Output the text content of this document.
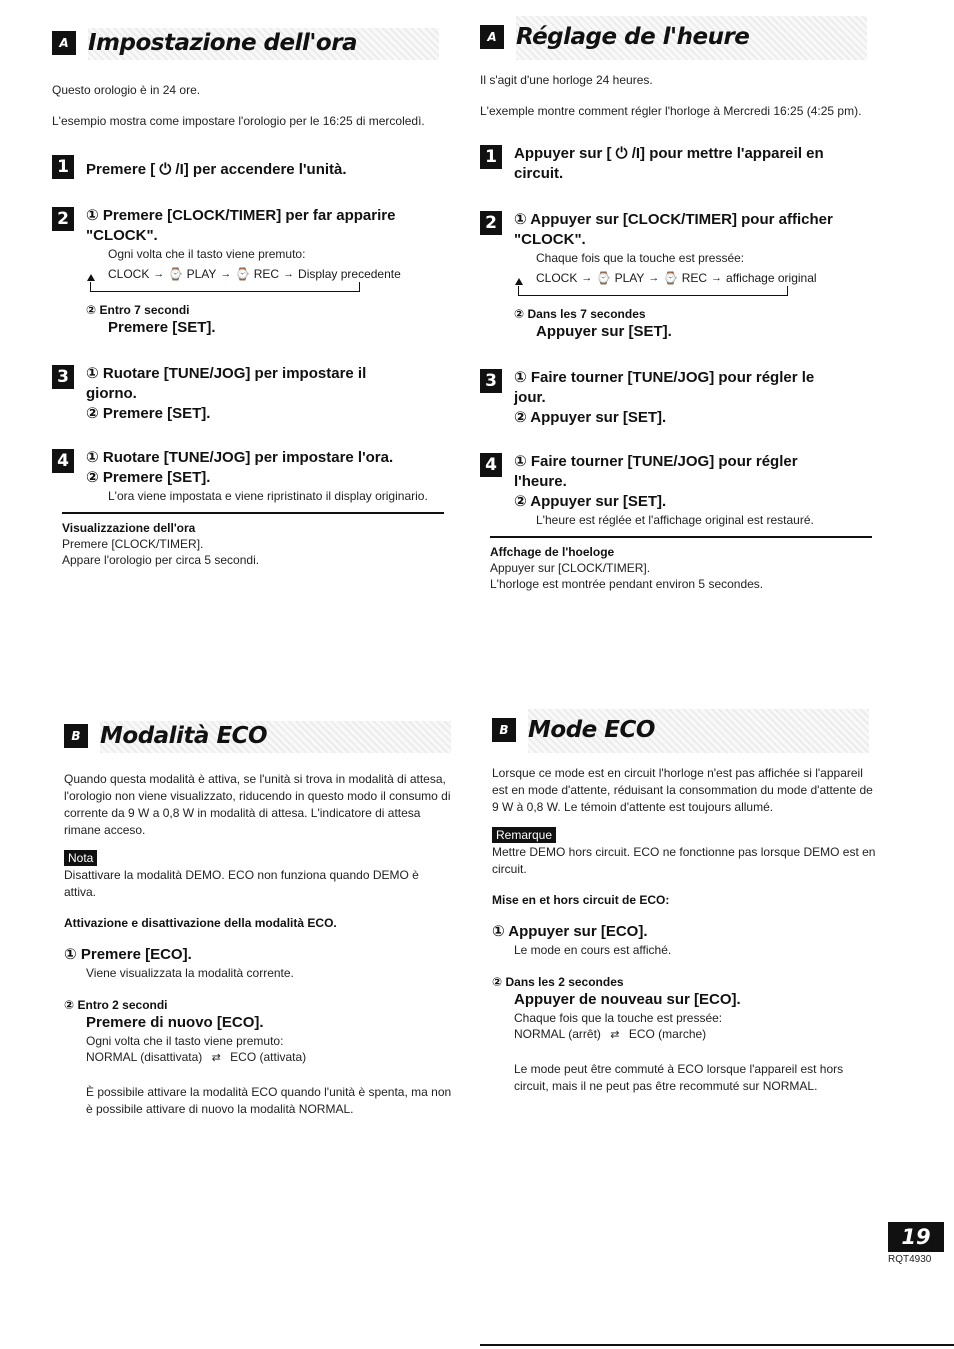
A Impostazione dell'ora

Questo orologio è in 24 ore.

L'esempio mostra come impostare l'orologio per le 16:25 di mercoledì.

1	Premere [ ⏻ /I] per accendere l'unità.
2	① Premere [CLOCK/TIMER] per far apparire "CLOCK".
Ogni volta che il tasto viene premuto:
CLOCK → ⌚ PLAY → ⌚ REC → Display precedente
② Entro 7 secondi
Premere [SET].
3	① Ruotare [TUNE/JOG] per impostare il giorno.
② Premere [SET].
4	① Ruotare [TUNE/JOG] per impostare l'ora.
② Premere [SET].
L'ora viene impostata e viene ripristinato il display originario.
Visualizzazione dell'ora
Premere [CLOCK/TIMER].
Appare l'orologio per circa 5 secondi.
A Réglage de l'heure

Il s'agit d'une horloge 24 heures.

L'exemple montre comment régler l'horloge à Mercredi 16:25 (4:25 pm).

1	Appuyer sur [ ⏻ /I] pour mettre l'appareil en circuit.
2	① Appuyer sur [CLOCK/TIMER] pour afficher "CLOCK".
Chaque fois que la touche est pressée:
CLOCK → ⌚ PLAY → ⌚ REC → affichage original
② Dans les 7 secondes
Appuyer sur [SET].
3	① Faire tourner [TUNE/JOG] pour régler le jour.
② Appuyer sur [SET].
4	① Faire tourner [TUNE/JOG] pour régler l'heure.
② Appuyer sur [SET].
L'heure est réglée et l'affichage original est restauré.
Affchage de l'hoeloge
Appuyer sur [CLOCK/TIMER].
L'horloge est montrée pendant environ 5 secondes.
B Modalità ECO

Quando questa modalità è attiva, se l'unità si trova in modalità di attesa, l'orologio non viene visualizzato, riducendo in questo modo il consumo di corrente da 9 W a 0,8 W in modalità di attesa. L'indicatore di attesa rimane acceso.

Nota

Disattivare la modalità DEMO. ECO non funziona quando DEMO è attiva.

Attivazione e disattivazione della modalità ECO.
① Premere [ECO].
Viene visualizzata la modalità corrente.
② Entro 2 secondi
Premere di nuovo [ECO].
Ogni volta che il tasto viene premuto:
NORMAL (disattivata) ⇄ ECO (attivata)

È possibile attivare la modalità ECO quando l'unità è spenta, ma non è possibile attivare di nuovo la modalità NORMAL.

B Mode ECO

Lorsque ce mode est en circuit l'horloge n'est pas affichée si l'appareil est en mode d'attente, réduisant la consommation du mode d'attente de 9 W à 0,8 W. Le témoin d'attente est toujours allumé.

Remarque

Mettre DEMO hors circuit. ECO ne fonctionne pas lorsque DEMO est en circuit.

Mise en et hors circuit de ECO:
① Appuyer sur [ECO].
Le mode en cours est affiché.
② Dans les 2 secondes
Appuyer de nouveau sur [ECO].
Chaque fois que la touche est pressée:
NORMAL (arrêt) ⇄ ECO (marche)

Le mode peut être commuté à ECO lorsque l'appareil est hors circuit, mais il ne peut pas être recommuté sur NORMAL.

19
RQT4930
